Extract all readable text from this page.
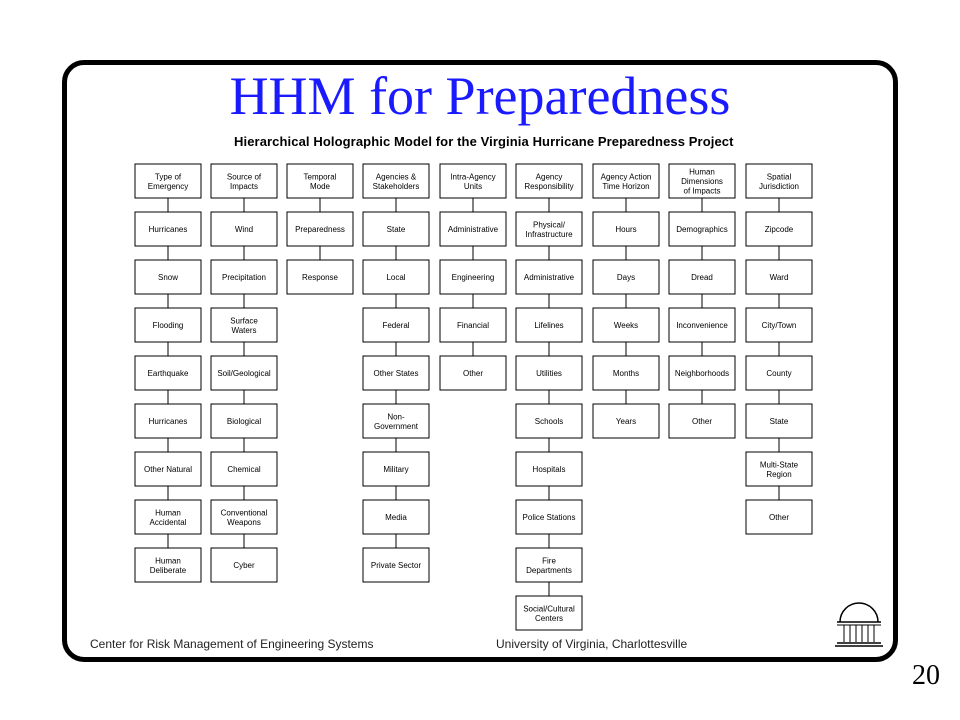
HHM for Preparedness
Hierarchical Holographic Model for the Virginia Hurricane Preparedness Project
Type of
Emergency
Hurricanes
Snow
Flooding
Earthquake
Hurricanes
Other Natural
Human
Accidental
Human
Deliberate
Source of
Impacts
Wind
Precipitation
Surface
Waters
Soil/Geological
Biological
Chemical
Conventional
Weapons
Cyber
Temporal
Mode
Preparedness
Response
Agencies &
Stakeholders
State
Local
Federal
Other States
Non-
Government
Military
Media
Private Sector
Intra-Agency
Units
Administrative
Engineering
Financial
Other
Agency
Responsibility
Physical/
Infrastructure
Administrative
Lifelines
Utilities
Schools
Hospitals
Police Stations
Fire
Departments
Social/Cultural
Centers
Agency Action
Time Horizon
Hours
Days
Weeks
Months
Years
Human
Dimensions
of Impacts
Demographics
Dread
Inconvenience
Neighborhoods
Other
Spatial
Jurisdiction
Zipcode
Ward
City/Town
County
State
Multi-State
Region
Other
Center for Risk Management of Engineering Systems	University of Virginia, Charlottesville
20
